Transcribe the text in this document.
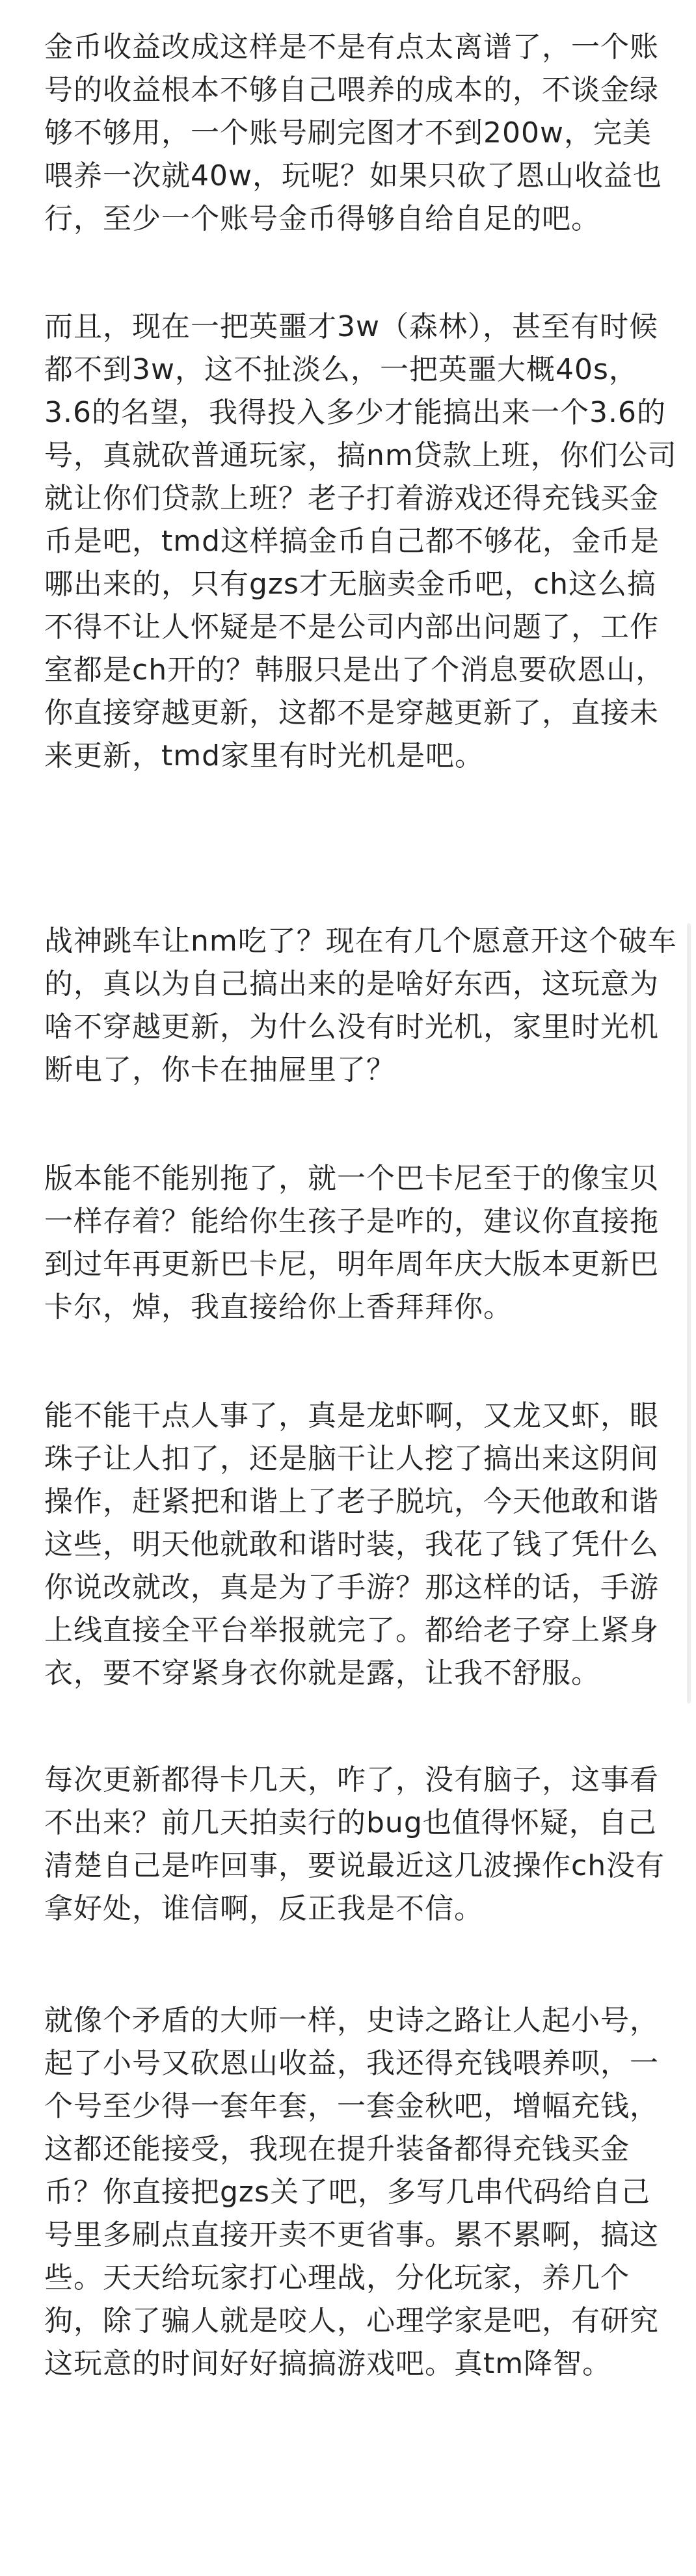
金币收益改成这样是不是有点太离谱了，一个账
号的收益根本不够自己喂养的成本的，不谈金绿
够不够用，一个账号刷完图才不到200w，完美
喂养一次就40w，玩呢？如果只砍了恩山收益也
行，至少一个账号金币得够自给自足的吧。
而且，现在一把英噩才3w（森林），甚至有时候
都不到3w，这不扯淡么，一把英噩大概40s，
3.6的名望，我得投入多少才能搞出来一个3.6的
号，真就砍普通玩家，搞nm贷款上班，你们公司
就让你们贷款上班？老子打着游戏还得充钱买金
币是吧，tmd这样搞金币自己都不够花，金币是
哪出来的，只有gzs才无脑卖金币吧，ch这么搞
不得不让人怀疑是不是公司内部出问题了，工作
室都是ch开的？韩服只是出了个消息要砍恩山，
你直接穿越更新，这都不是穿越更新了，直接未
来更新，tmd家里有时光机是吧。
战神跳车让nm吃了？现在有几个愿意开这个破车
的，真以为自己搞出来的是啥好东西，这玩意为
啥不穿越更新，为什么没有时光机，家里时光机
断电了，你卡在抽屉里了？
版本能不能别拖了，就一个巴卡尼至于的像宝贝
一样存着？能给你生孩子是咋的，建议你直接拖
到过年再更新巴卡尼，明年周年庆大版本更新巴
卡尔，焯，我直接给你上香拜拜你。
能不能干点人事了，真是龙虾啊，又龙又虾，眼
珠子让人扣了，还是脑干让人挖了搞出来这阴间
操作，赶紧把和谐上了老子脱坑，今天他敢和谐
这些，明天他就敢和谐时装，我花了钱了凭什么
你说改就改，真是为了手游？那这样的话，手游
上线直接全平台举报就完了。都给老子穿上紧身
衣，要不穿紧身衣你就是露，让我不舒服。
每次更新都得卡几天，咋了，没有脑子，这事看
不出来？前几天拍卖行的bug也值得怀疑，自己
清楚自己是咋回事，要说最近这几波操作ch没有
拿好处，谁信啊，反正我是不信。
就像个矛盾的大师一样，史诗之路让人起小号，
起了小号又砍恩山收益，我还得充钱喂养呗，一
个号至少得一套年套，一套金秋吧，增幅充钱，
这都还能接受，我现在提升装备都得充钱买金
币？你直接把gzs关了吧，多写几串代码给自己
号里多刷点直接开卖不更省事。累不累啊，搞这
些。天天给玩家打心理战，分化玩家，养几个
狗，除了骗人就是咬人，心理学家是吧，有研究
这玩意的时间好好搞搞游戏吧。真tm降智。
